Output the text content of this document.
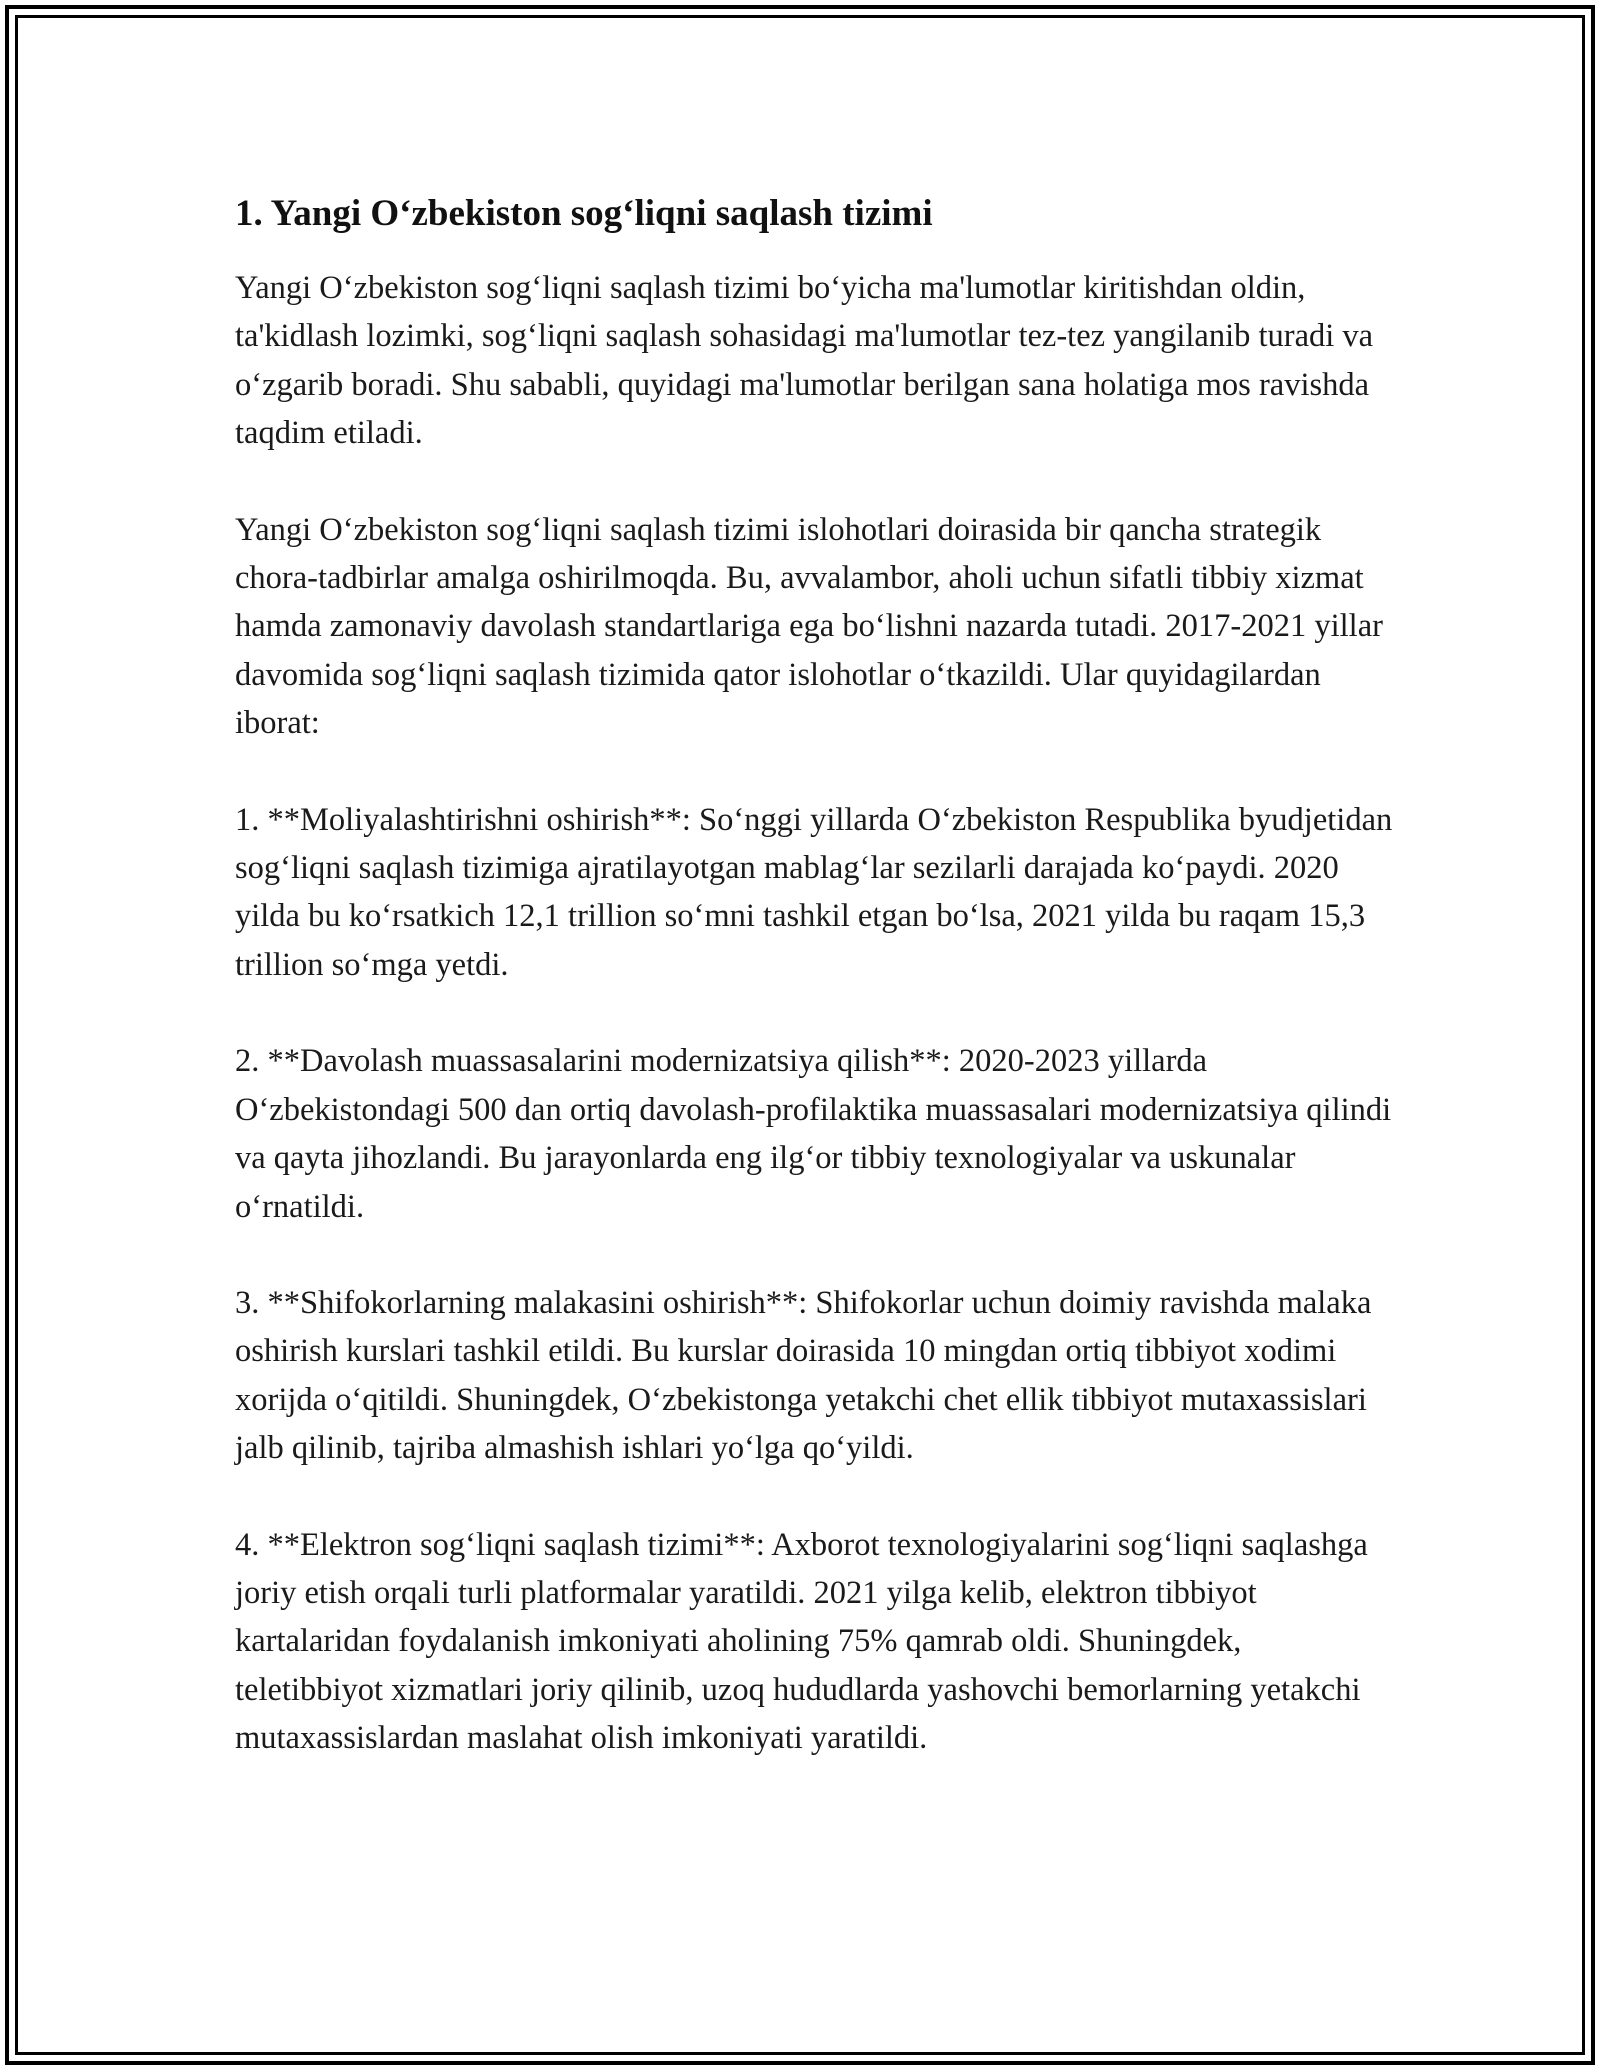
1. Yangi O‘zbekiston sog‘liqni saqlash tizimi

Yangi O‘zbekiston sog‘liqni saqlash tizimi bo‘yicha ma'lumotlar kiritishdan oldin, ta'kidlash lozimki, sog‘liqni saqlash sohasidagi ma'lumotlar tez-tez yangilanib turadi va o‘zgarib boradi. Shu sababli, quyidagi ma'lumotlar berilgan sana holatiga mos ravishda taqdim etiladi.

Yangi O‘zbekiston sog‘liqni saqlash tizimi islohotlari doirasida bir qancha strategik chora-tadbirlar amalga oshirilmoqda. Bu, avvalambor, aholi uchun sifatli tibbiy xizmat hamda zamonaviy davolash standartlariga ega bo‘lishni nazarda tutadi. 2017-2021 yillar davomida sog‘liqni saqlash tizimida qator islohotlar o‘tkazildi. Ular quyidagilardan iborat:

1. **Moliyalashtirishni oshirish**: So‘nggi yillarda O‘zbekiston Respublika byudjetidan sog‘liqni saqlash tizimiga ajratilayotgan mablag‘lar sezilarli darajada ko‘paydi. 2020 yilda bu ko‘rsatkich 12,1 trillion so‘mni tashkil etgan bo‘lsa, 2021 yilda bu raqam 15,3 trillion so‘mga yetdi.

2. **Davolash muassasalarini modernizatsiya qilish**: 2020-2023 yillarda O‘zbekistondagi 500 dan ortiq davolash-profilaktika muassasalari modernizatsiya qilindi va qayta jihozlandi. Bu jarayonlarda eng ilg‘or tibbiy texnologiyalar va uskunalar o‘rnatildi.

3. **Shifokorlarning malakasini oshirish**: Shifokorlar uchun doimiy ravishda malaka oshirish kurslari tashkil etildi. Bu kurslar doirasida 10 mingdan ortiq tibbiyot xodimi xorijda o‘qitildi. Shuningdek, O‘zbekistonga yetakchi chet ellik tibbiyot mutaxassislari jalb qilinib, tajriba almashish ishlari yo‘lga qo‘yildi.

4. **Elektron sog‘liqni saqlash tizimi**: Axborot texnologiyalarini sog‘liqni saqlashga joriy etish orqali turli platformalar yaratildi. 2021 yilga kelib, elektron tibbiyot kartalaridan foydalanish imkoniyati aholining 75% qamrab oldi. Shuningdek, teletibbiyot xizmatlari joriy qilinib, uzoq hududlarda yashovchi bemorlarning yetakchi mutaxassislardan maslahat olish imkoniyati yaratildi.
